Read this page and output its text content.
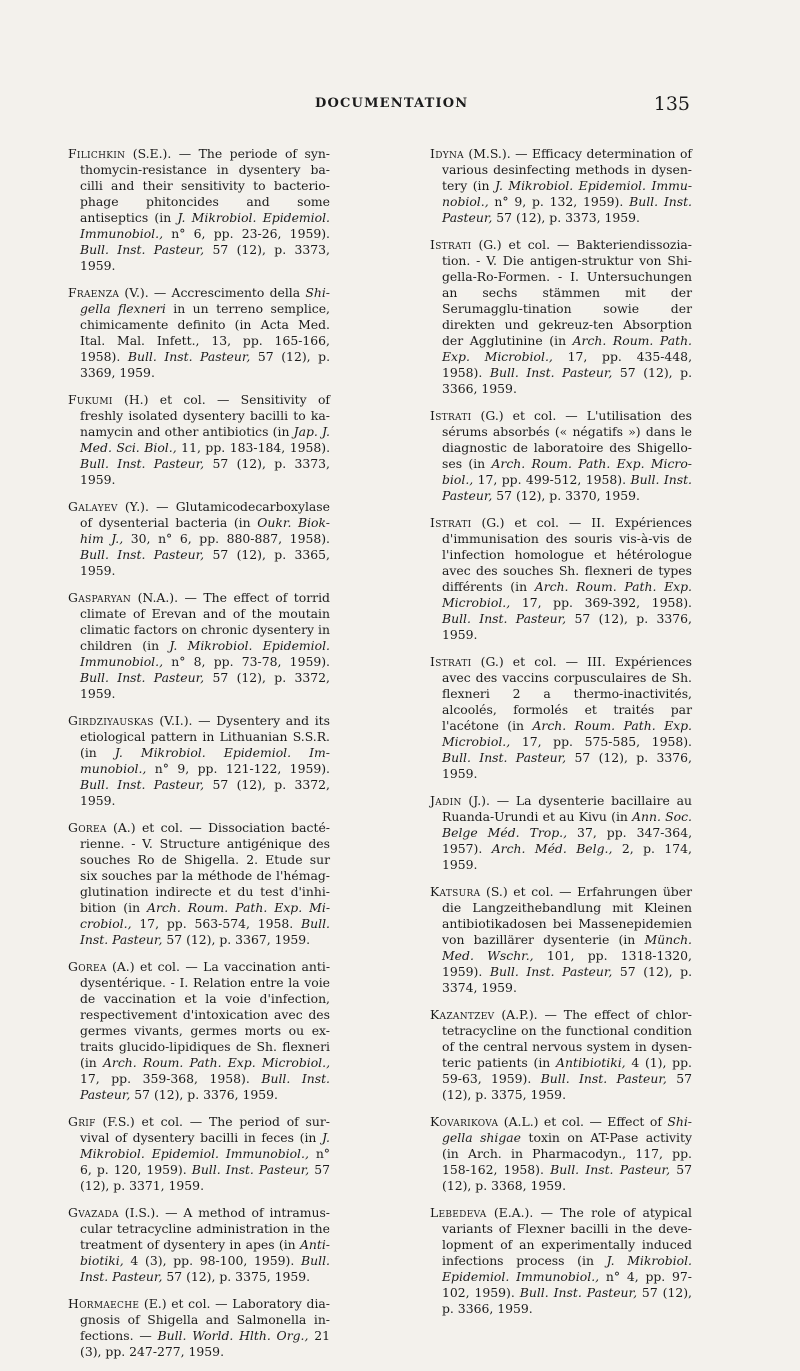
DOCUMENTATION	135

Filichkin (S.E.). — The periode of syn-thomycin-resistance in dysentery ba-cilli and their sensitivity to bacterio-phage phitoncides and some antiseptics (in J. Mikrobiol. Epidemiol. Immunobiol., n° 6, pp. 23-26, 1959). Bull. Inst. Pasteur, 57 (12), p. 3373, 1959.

Fraenza (V.). — Accrescimento della Shi-gella flexneri in un terreno semplice, chimicamente definito (in Acta Med. Ital. Mal. Infett., 13, pp. 165-166, 1958). Bull. Inst. Pasteur, 57 (12), p. 3369, 1959.

Fukumi (H.) et col. — Sensitivity of freshly isolated dysentery bacilli to ka-namycin and other antibiotics (in Jap. J. Med. Sci. Biol., 11, pp. 183-184, 1958). Bull. Inst. Pasteur, 57 (12), p. 3373, 1959.

Galayev (Y.). — Glutamicodecarboxylase of dysenterial bacteria (in Oukr. Biok-him J., 30, n° 6, pp. 880-887, 1958). Bull. Inst. Pasteur, 57 (12), p. 3365, 1959.

Gasparyan (N.A.). — The effect of torrid climate of Erevan and of the moutain climatic factors on chronic dysentery in children (in J. Mikrobiol. Epidemiol. Immunobiol., n° 8, pp. 73-78, 1959). Bull. Inst. Pasteur, 57 (12), p. 3372, 1959.

Girdziyauskas (V.I.). — Dysentery and its etiological pattern in Lithuanian S.S.R. (in J. Mikrobiol. Epidemiol. Im-munobiol., n° 9, pp. 121-122, 1959). Bull. Inst. Pasteur, 57 (12), p. 3372, 1959.

Gorea (A.) et col. — Dissociation bacté-rienne. - V. Structure antigénique des souches Ro de Shigella. 2. Etude sur six souches par la méthode de l'hémag-glutination indirecte et du test d'inhi-bition (in Arch. Roum. Path. Exp. Mi-crobiol., 17, pp. 563-574, 1958. Bull. Inst. Pasteur, 57 (12), p. 3367, 1959.

Gorea (A.) et col. — La vaccination anti-dysentérique. - I. Relation entre la voie de vaccination et la voie d'infection, respectivement d'intoxication avec des germes vivants, germes morts ou ex-traits glucido-lipidiques de Sh. flexneri (in Arch. Roum. Path. Exp. Microbiol., 17, pp. 359-368, 1958). Bull. Inst. Pasteur, 57 (12), p. 3376, 1959.

Grif (F.S.) et col. — The period of sur-vival of dysentery bacilli in feces (in J. Mikrobiol. Epidemiol. Immunobiol., n° 6, p. 120, 1959). Bull. Inst. Pasteur, 57 (12), p. 3371, 1959.

Gvazada (I.S.). — A method of intramus-cular tetracycline administration in the treatment of dysentery in apes (in Anti-biotiki, 4 (3), pp. 98-100, 1959). Bull. Inst. Pasteur, 57 (12), p. 3375, 1959.

Hormaeche (E.) et col. — Laboratory dia-gnosis of Shigella and Salmonella in-fections. — Bull. World. Hlth. Org., 21 (3), pp. 247-277, 1959.

Idyna (M.S.). — Efficacy determination of various desinfecting methods in dysen-tery (in J. Mikrobiol. Epidemiol. Immu-nobiol., n° 9, p. 132, 1959). Bull. Inst. Pasteur, 57 (12), p. 3373, 1959.

Istrati (G.) et col. — Bakteriendissozia-tion. - V. Die antigen-struktur von Shi-gella-Ro-Formen. - I. Untersuchungen an sechs stämmen mit der Serumagglu-tination sowie der direkten und gekreuz-ten Absorption der Agglutinine (in Arch. Roum. Path. Exp. Microbiol., 17, pp. 435-448, 1958). Bull. Inst. Pasteur, 57 (12), p. 3366, 1959.

Istrati (G.) et col. — L'utilisation des sérums absorbés (« négatifs ») dans le diagnostic de laboratoire des Shigello-ses (in Arch. Roum. Path. Exp. Micro-biol., 17, pp. 499-512, 1958). Bull. Inst. Pasteur, 57 (12), p. 3370, 1959.

Istrati (G.) et col. — II. Expériences d'immunisation des souris vis-à-vis de l'infection homologue et hétérologue avec des souches Sh. flexneri de types différents (in Arch. Roum. Path. Exp. Microbiol., 17, pp. 369-392, 1958). Bull. Inst. Pasteur, 57 (12), p. 3376, 1959.

Istrati (G.) et col. — III. Expériences avec des vaccins corpusculaires de Sh. flexneri 2 a thermo-inactivités, alcoolés, formolés et traités par l'acétone (in Arch. Roum. Path. Exp. Microbiol., 17, pp. 575-585, 1958). Bull. Inst. Pasteur, 57 (12), p. 3376, 1959.

Jadin (J.). — La dysenterie bacillaire au Ruanda-Urundi et au Kivu (in Ann. Soc. Belge Méd. Trop., 37, pp. 347-364, 1957). Arch. Méd. Belg., 2, p. 174, 1959.

Katsura (S.) et col. — Erfahrungen über die Langzeithebandlung mit Kleinen antibiotikadosen bei Massenepidemien von bazillärer dysenterie (in Münch. Med. Wschr., 101, pp. 1318-1320, 1959). Bull. Inst. Pasteur, 57 (12), p. 3374, 1959.

Kazantzev (A.P.). — The effect of chlor-tetracycline on the functional condition of the central nervous system in dysen-teric patients (in Antibiotiki, 4 (1), pp. 59-63, 1959). Bull. Inst. Pasteur, 57 (12), p. 3375, 1959.

Kovarikova (A.L.) et col. — Effect of Shi-gella shigae toxin on AT-Pase activity (in Arch. in Pharmacodyn., 117, pp. 158-162, 1958). Bull. Inst. Pasteur, 57 (12), p. 3368, 1959.

Lebedeva (E.A.). — The role of atypical variants of Flexner bacilli in the deve-lopment of an experimentally induced infections process (in J. Mikrobiol. Epidemiol. Immunobiol., n° 4, pp. 97-102, 1959). Bull. Inst. Pasteur, 57 (12), p. 3366, 1959.
